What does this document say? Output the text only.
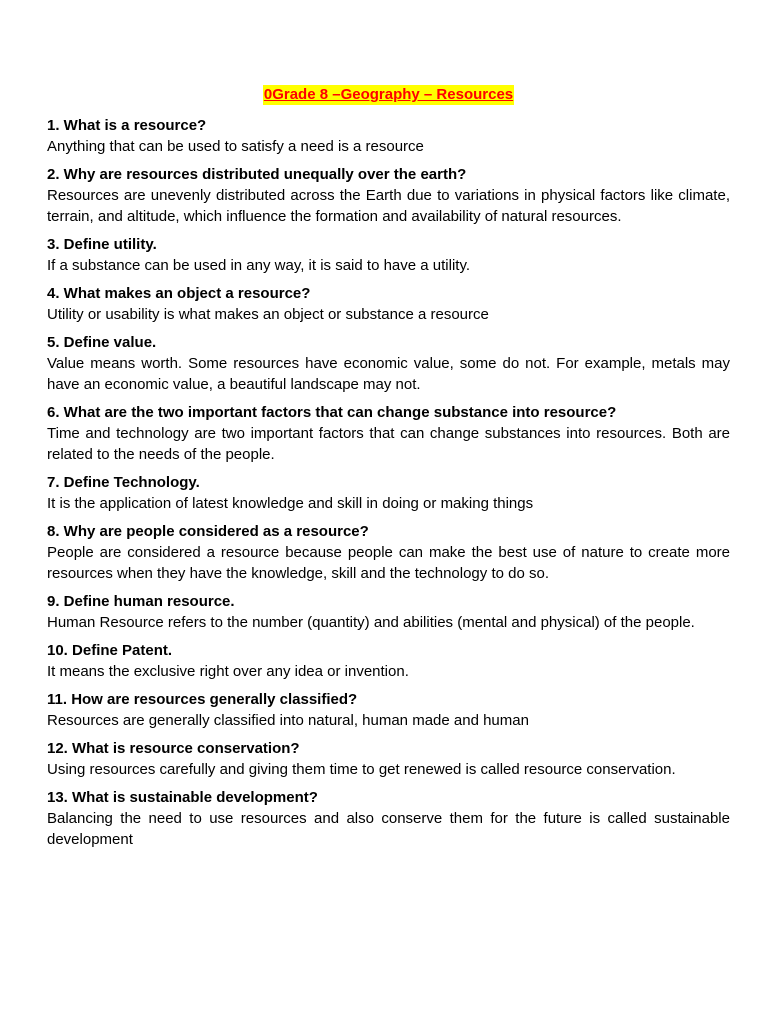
0Grade 8 –Geography – Resources

1. What is a resource?

Anything that can be used to satisfy a need is a resource

2. Why are resources distributed unequally over the earth?

Resources are unevenly distributed across the Earth due to variations in physical factors like climate, terrain, and altitude, which influence the formation and availability of natural resources.

3. Define utility.

If a substance can be used in any way, it is said to have a utility.

4. What makes an object a resource?

Utility or usability is what makes an object or substance a resource

5. Define value.

Value means worth. Some resources have economic value, some do not. For example, metals may have an economic value, a beautiful landscape may not.

6. What are the two important factors that can change substance into resource?

Time and technology are two important factors that can change substances into resources. Both are related to the needs of the people.

7. Define Technology.

It is the application of latest knowledge and skill in doing or making things

8. Why are people considered as a resource?

People are considered a resource because people can make the best use of nature to create more resources when they have the knowledge, skill and the technology to do so.

9. Define human resource.

Human Resource refers to the number (quantity) and abilities (mental and physical) of the people.

10. Define Patent.

It means the exclusive right over any idea or invention.

11. How are resources generally classified?

Resources are generally classified into natural, human made and human

12. What is resource conservation?

Using resources carefully and giving them time to get renewed is called resource conservation.

13. What is sustainable development?

Balancing the need to use resources and also conserve them for the future is called sustainable development
